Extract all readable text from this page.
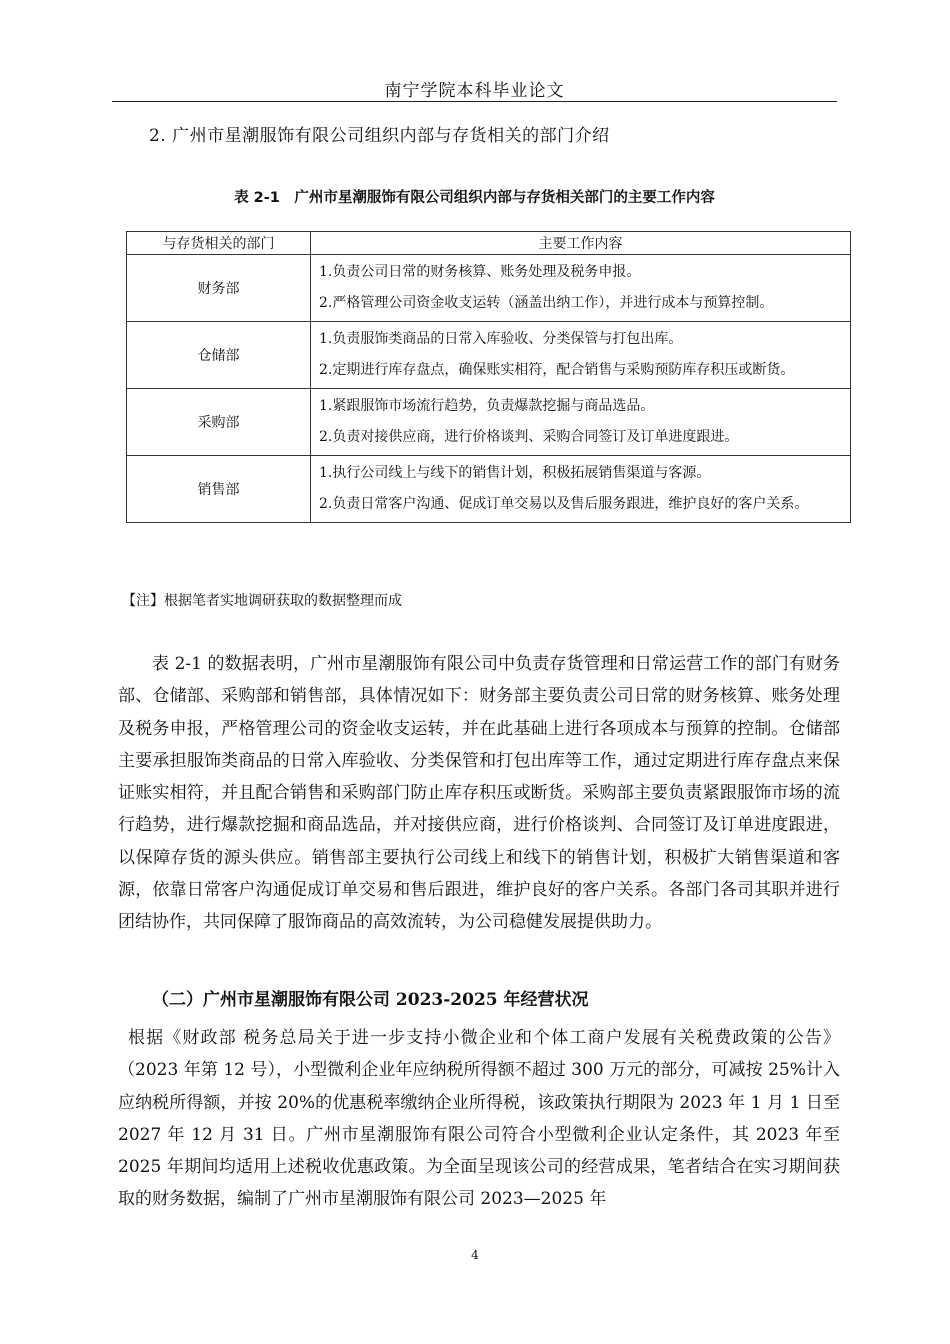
南宁学院本科毕业论文
2. 广州市星潮服饰有限公司组织内部与存货相关的部门介绍
表 2-1　广州市星潮服饰有限公司组织内部与存货相关部门的主要工作内容
与存货相关的部门	主要工作内容
财务部	1.负责公司日常的财务核算、账务处理及税务申报。
2.严格管理公司资金收支运转（涵盖出纳工作），并进行成本与预算控制。

仓储部	1.负责服饰类商品的日常入库验收、分类保管与打包出库。
2.定期进行库存盘点，确保账实相符，配合销售与采购预防库存积压或断货。

采购部	1.紧跟服饰市场流行趋势，负责爆款挖掘与商品选品。
2.负责对接供应商，进行价格谈判、采购合同签订及订单进度跟进。

销售部	1.执行公司线上与线下的销售计划，积极拓展销售渠道与客源。
2.负责日常客户沟通、促成订单交易以及售后服务跟进，维护良好的客户关系。
【注】根据笔者实地调研获取的数据整理而成

表 2-1 的数据表明，广州市星潮服饰有限公司中负责存货管理和日常运营工作的部门有财务部、仓储部、采购部和销售部，具体情况如下：财务部主要负责公司日常的财务核算、账务处理及税务申报，严格管理公司的资金收支运转，并在此基础上进行各项成本与预算的控制。仓储部主要承担服饰类商品的日常入库验收、分类保管和打包出库等工作，通过定期进行库存盘点来保证账实相符，并且配合销售和采购部门防止库存积压或断货。采购部主要负责紧跟服饰市场的流行趋势，进行爆款挖掘和商品选品，并对接供应商，进行价格谈判、合同签订及订单进度跟进，以保障存货的源头供应。销售部主要执行公司线上和线下的销售计划，积极扩大销售渠道和客源，依靠日常客户沟通促成订单交易和售后跟进，维护良好的客户关系。各部门各司其职并进行团结协作，共同保障了服饰商品的高效流转，为公司稳健发展提供助力。

（二）广州市星潮服饰有限公司 2023-2025 年经营状况

根据《财政部 税务总局关于进一步支持小微企业和个体工商户发展有关税费政策的公告》（2023 年第 12 号），小型微利企业年应纳税所得额不超过 300 万元的部分，可减按 25%计入应纳税所得额，并按 20%的优惠税率缴纳企业所得税，该政策执行期限为 2023 年 1 月 1 日至 2027 年 12 月 31 日。广州市星潮服饰有限公司符合小型微利企业认定条件，其 2023 年至 2025 年期间均适用上述税收优惠政策。为全面呈现该公司的经营成果，笔者结合在实习期间获取的财务数据，编制了广州市星潮服饰有限公司 2023—2025 年

4
